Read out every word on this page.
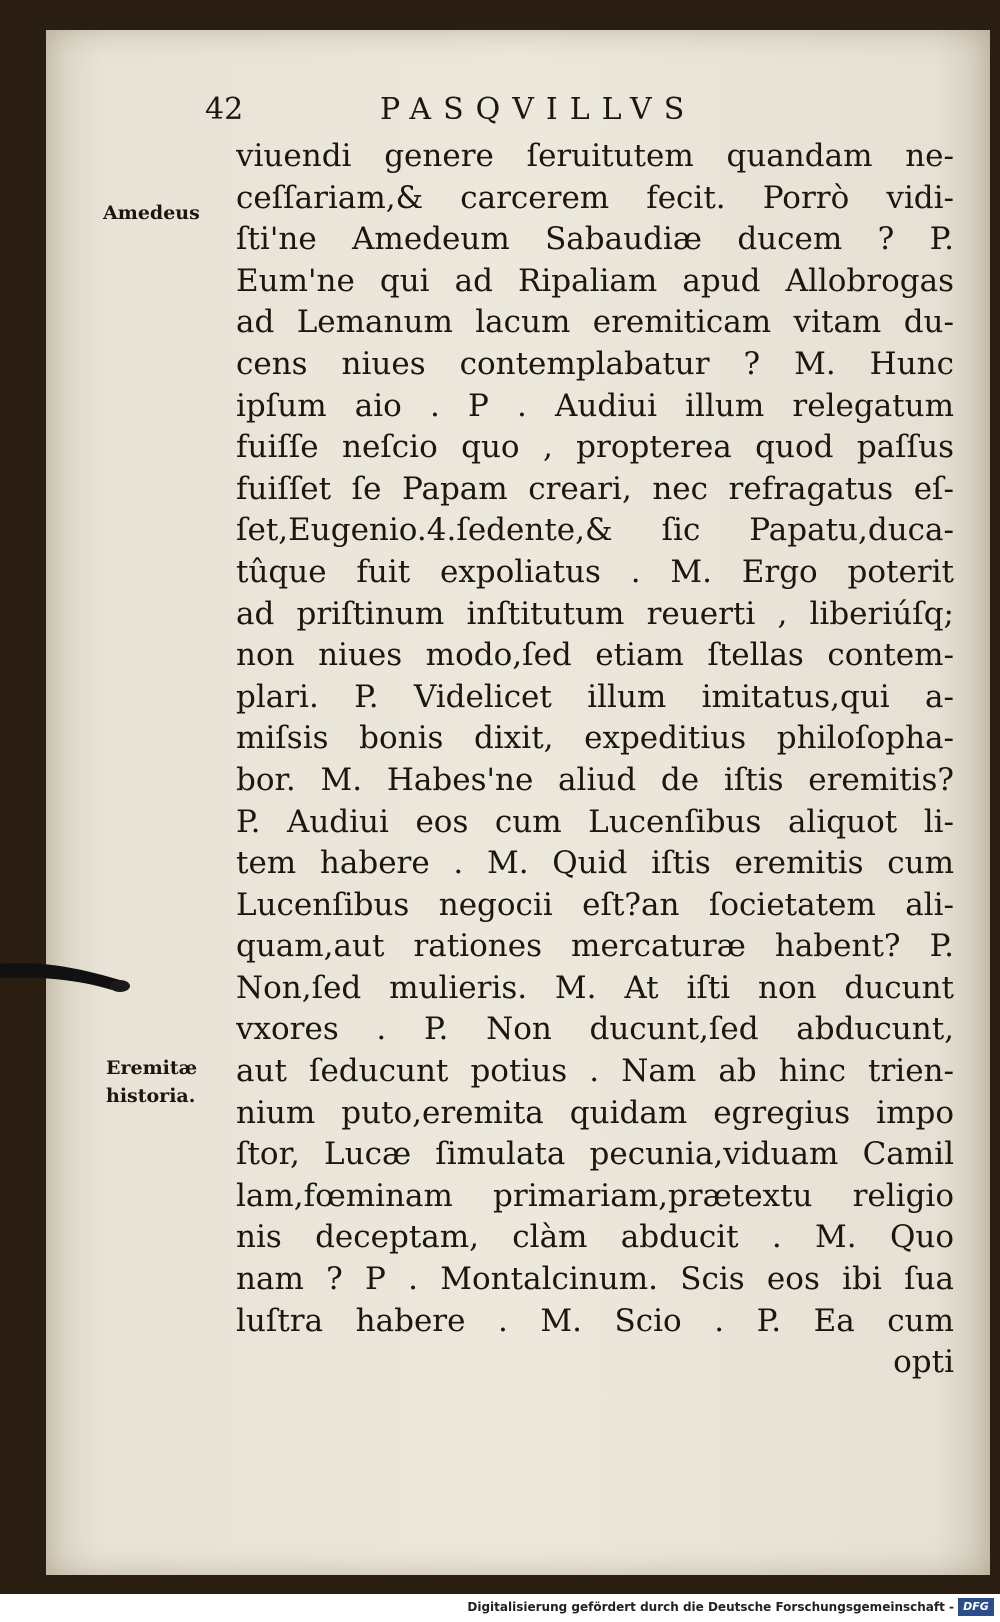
42	PASQVILLVS
Amedeus
Eremitæ
historia.
viuendi genere ſeruitutem quandam ne-
ceſſariam,& carcerem fecit. Porrò vidi-
ſti'ne Amedeum Sabaudiæ ducem ? P.
Eum'ne qui ad Ripaliam apud Allobrogas
ad Lemanum lacum eremiticam vitam du-
cens niues contemplabatur ? M. Hunc
ipſum aio . P . Audiui illum relegatum
fuiſſe neſcio quo , propterea quod paſſus
fuiſſet ſe Papam creari, nec refragatus eſ-
ſet,Eugenio.4.ſedente,& ſic Papatu,duca-
tûque fuit expoliatus . M. Ergo poterit
ad priſtinum inſtitutum reuerti , liberiúſq;
non niues modo,ſed etiam ſtellas contem-
plari. P. Videlicet illum imitatus,qui a-
miſsis bonis dixit, expeditius philoſopha-
bor. M. Habes'ne aliud de iſtis eremitis?
P. Audiui eos cum Lucenſibus aliquot li-
tem habere . M. Quid iſtis eremitis cum
Lucenſibus negocii eſt?an ſocietatem ali-
quam,aut rationes mercaturæ habent? P.
Non,ſed mulieris. M. At iſti non ducunt
vxores . P. Non ducunt,ſed abducunt,
aut ſeducunt potius . Nam ab hinc trien-
nium puto,eremita quidam egregius impo
ſtor, Lucæ ſimulata pecunia,viduam Camil
lam,fœminam primariam,prætextu religio
nis deceptam, clàm abducit . M. Quo
nam ? P . Montalcinum. Scis eos ibi ſua
luſtra habere . M. Scio . P. Ea cum
opti
Digitalisierung gefördert durch die Deutsche Forschungsgemeinschaft - DFG
